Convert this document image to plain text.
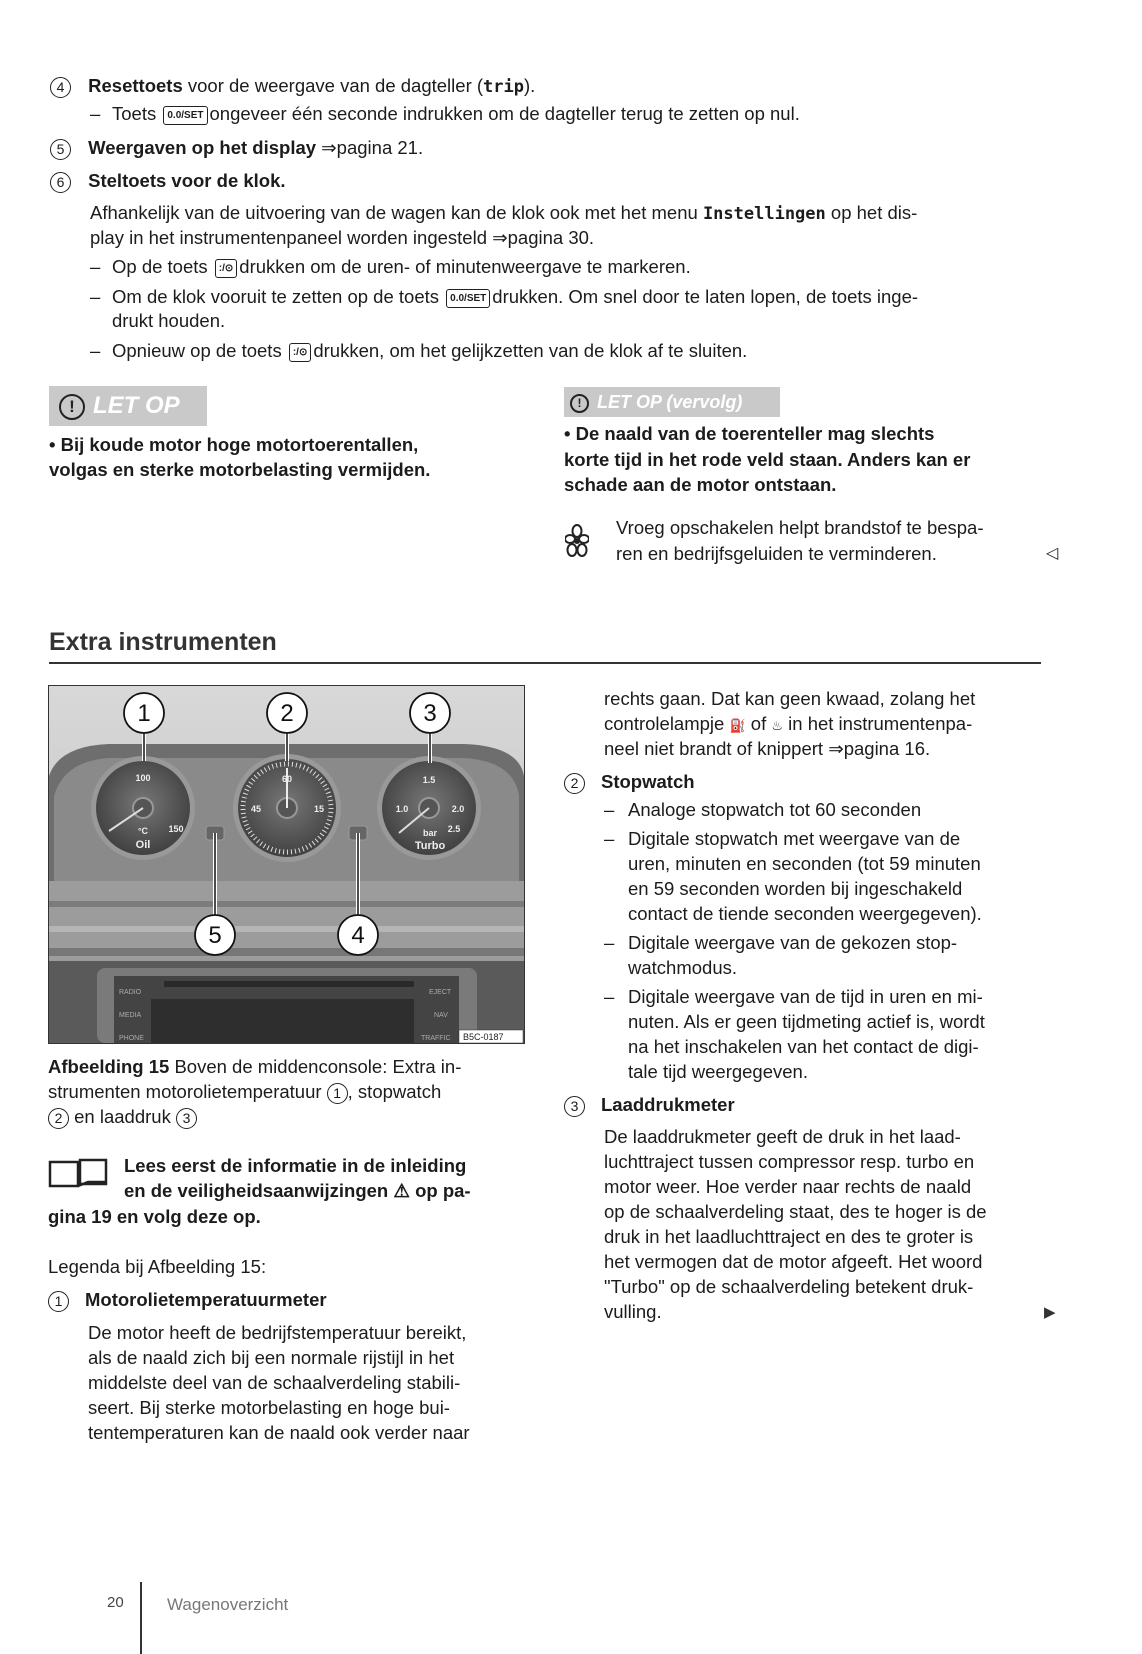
4 Resettoets voor de weergave van de dagteller (trip).
– Toets 0.0/SET ongeveer één seconde indrukken om de dagteller terug te zetten op nul.
5 Weergaven op het display ⇒pagina 21.
6 Steltoets voor de klok.
Afhankelijk van de uitvoering van de wagen kan de klok ook met het menu Instellingen op het dis-
play in het instrumentenpaneel worden ingesteld ⇒pagina 30.
– Op de toets :/⊙ drukken om de uren- of minutenweergave te markeren.
– Om de klok vooruit te zetten op de toets 0.0/SET drukken. Om snel door te laten lopen, de toets inge-
drukt houden.
– Opnieuw op de toets :/⊙ drukken, om het gelijkzetten van de klok af te sluiten.
! LET OP
• Bij koude motor hoge motortoerentallen,
volgas en sterke motorbelasting vermijden.
! LET OP (vervolg)
• De naald van de toerenteller mag slechts
korte tijd in het rode veld staan. Anders kan er
schade aan de motor ontstaan.
Vroeg opschakelen helpt brandstof te bespa-
ren en bedrijfsgeluiden te verminderen.	◁
Extra instrumenten
RADIO
MEDIA
PHONE
EJECT
NAV
TRAFFIC B5C-0187
100
150
°C
Oil
60
45	15
1.5
1.0	2.0
2.5
bar
Turbo
1	2	3
5	4
Afbeelding 15 Boven de middenconsole: Extra in-
strumenten motorolietemperatuur 1 , stopwatch
2 en laaddruk 3
Lees eerst de informatie in de inleiding
en de veiligheidsaanwijzingen ⚠ op pa-
gina 19 en volg deze op.
Legenda bij Afbeelding 15:
1 Motorolietemperatuurmeter
De motor heeft de bedrijfstemperatuur bereikt,
als de naald zich bij een normale rijstijl in het
middelste deel van de schaalverdeling stabili-
seert. Bij sterke motorbelasting en hoge bui-
tentemperaturen kan de naald ook verder naar
rechts gaan. Dat kan geen kwaad, zolang het
controlelampje ⛽ of ♨ in het instrumentenpa-
neel niet brandt of knippert ⇒pagina 16.
2 Stopwatch
Analoge stopwatch tot 60 seconden
–
Digitale stopwatch met weergave van de
–
uren, minuten en seconden (tot 59 minuten
en 59 seconden worden bij ingeschakeld
contact de tiende seconden weergegeven).
Digitale weergave van de gekozen stop-
–
watchmodus.
Digitale weergave van de tijd in uren en mi-
–
nuten. Als er geen tijdmeting actief is, wordt
na het inschakelen van het contact de digi-
tale tijd weergegeven.
3 Laaddrukmeter
De laaddrukmeter geeft de druk in het laad-
luchttraject tussen compressor resp. turbo en
motor weer. Hoe verder naar rechts de naald
op de schaalverdeling staat, des te hoger is de
druk in het laadluchttraject en des te groter is
het vermogen dat de motor afgeeft. Het woord
"Turbo" op de schaalverdeling betekent druk-
vulling.	▶
20	Wagenoverzicht
